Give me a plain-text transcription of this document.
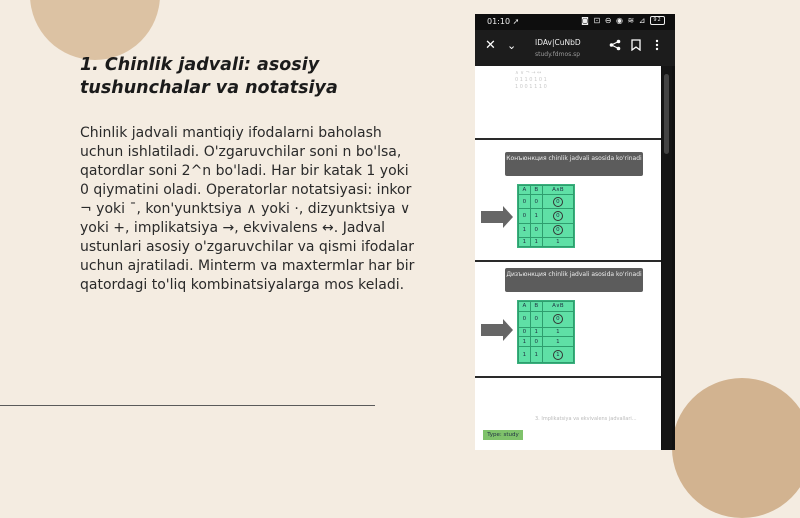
1. Chinlik jadvali: asosiy tushunchalar va notatsiya

Chinlik jadvali mantiqiy ifodalarni baholash uchun ishlatiladi. O'zgaruvchilar soni n bo'lsa, qatordlar soni 2^n bo'ladi. Har bir katak 1 yoki 0 qiymatini oladi. Operatorlar notatsiyasi: inkor ¬ yoki ¯, kon'yunktsiya ∧ yoki ·, dizyunktsiya ∨ yoki +, implikatsiya →, ekvivalens ↔. Jadval ustunlari asosiy o'zgaruvchilar va qismi ifodalar uchun ajratiladi. Minterm va maxtermlar har bir qatordagi to'liq kombinatsiyalarga mos keladi.

01:10 ➚	◙ ⊡ ⊖ ◉ ≋ ⊿ 92
✕ ⌄	IDAv|CuNbD
study.fdmos.sp
∧ ∨ ¬ → ↔
0 1 1 0 1 0 1
1 0 0 1 1 1 0
Конъюнкция chinlik jadvali asosida ko'rinadi
A	B	A∧B
0	0	0
0	1	0
1	0	0
1	1	1
Дизъюнкция chinlik jadvali asosida ko'rinadi
A	B	A∨B
0	0	0
0	1	1
1	0	1
1	1	1
3. Implikatsiya va ekvivalens jadvallari...
Type: study
